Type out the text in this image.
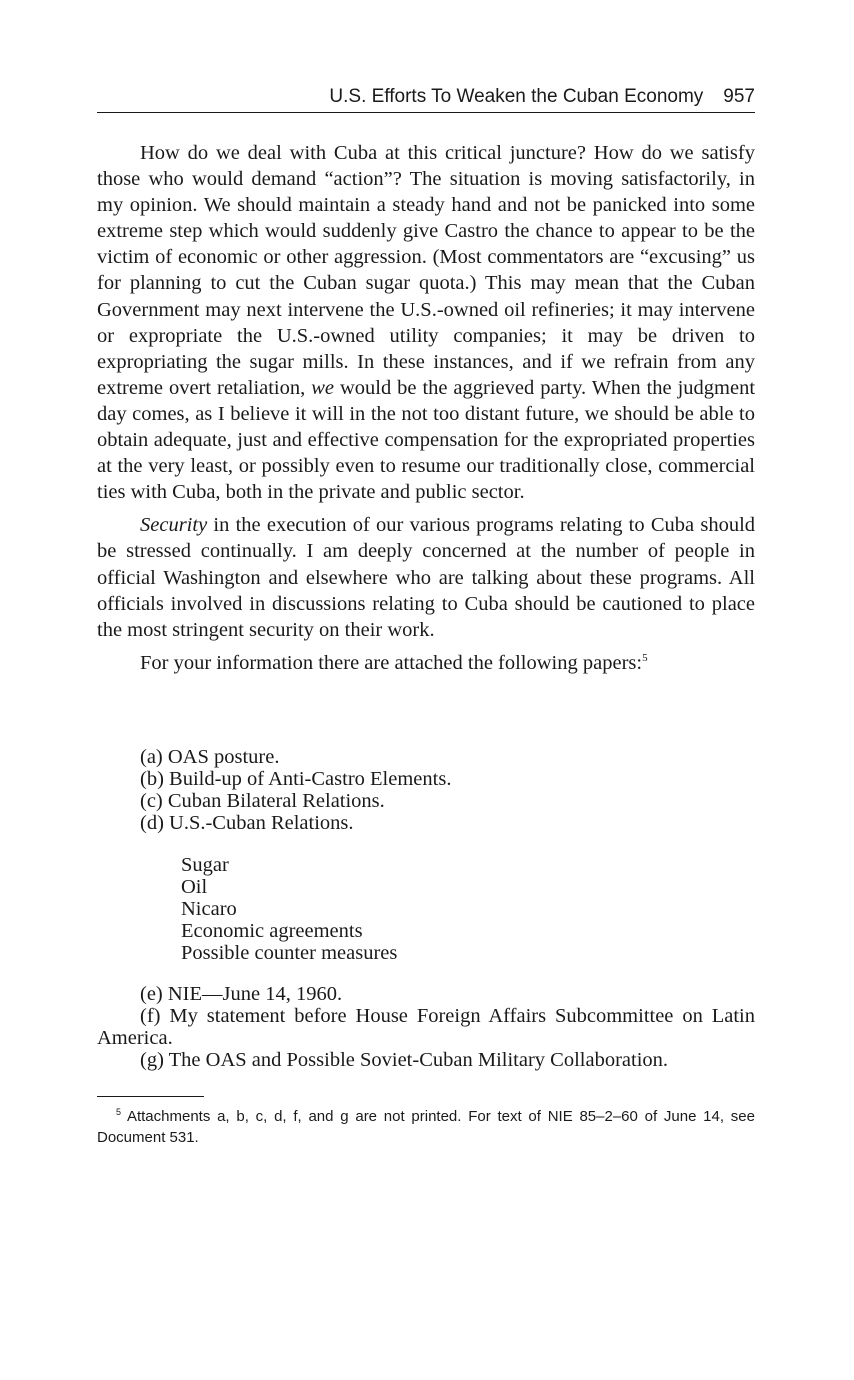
U.S. Efforts To Weaken the Cuban Economy 957

How do we deal with Cuba at this critical juncture? How do we satisfy those who would demand “action”? The situation is moving satisfactorily, in my opinion. We should maintain a steady hand and not be panicked into some extreme step which would suddenly give Castro the chance to appear to be the victim of economic or other aggression. (Most commentators are “excusing” us for planning to cut the Cuban sugar quota.) This may mean that the Cuban Government may next intervene the U.S.-owned oil refineries; it may intervene or expropriate the U.S.-owned utility companies; it may be driven to expropriating the sugar mills. In these instances, and if we refrain from any extreme overt retaliation, we would be the aggrieved party. When the judgment day comes, as I believe it will in the not too distant future, we should be able to obtain adequate, just and effective compensation for the expropriated properties at the very least, or possibly even to resume our traditionally close, commercial ties with Cuba, both in the private and public sector.

Security in the execution of our various programs relating to Cuba should be stressed continually. I am deeply concerned at the number of people in official Washington and elsewhere who are talking about these programs. All officials involved in discussions relating to Cuba should be cautioned to place the most stringent security on their work.

For your information there are attached the following papers:$^5$

(a) OAS posture.
(b) Build-up of Anti-Castro Elements.
(c) Cuban Bilateral Relations.
(d) U.S.-Cuban Relations.
Sugar
Oil
Nicaro
Economic agreements
Possible counter measures
(e) NIE—June 14, 1960.
(f) My statement before House Foreign Affairs Subcommittee on Latin America.
(g) The OAS and Possible Soviet-Cuban Military Collaboration.
$^5$ Attachments a, b, c, d, f, and g are not printed. For text of NIE 85–2–60 of June 14, see Document 531.
